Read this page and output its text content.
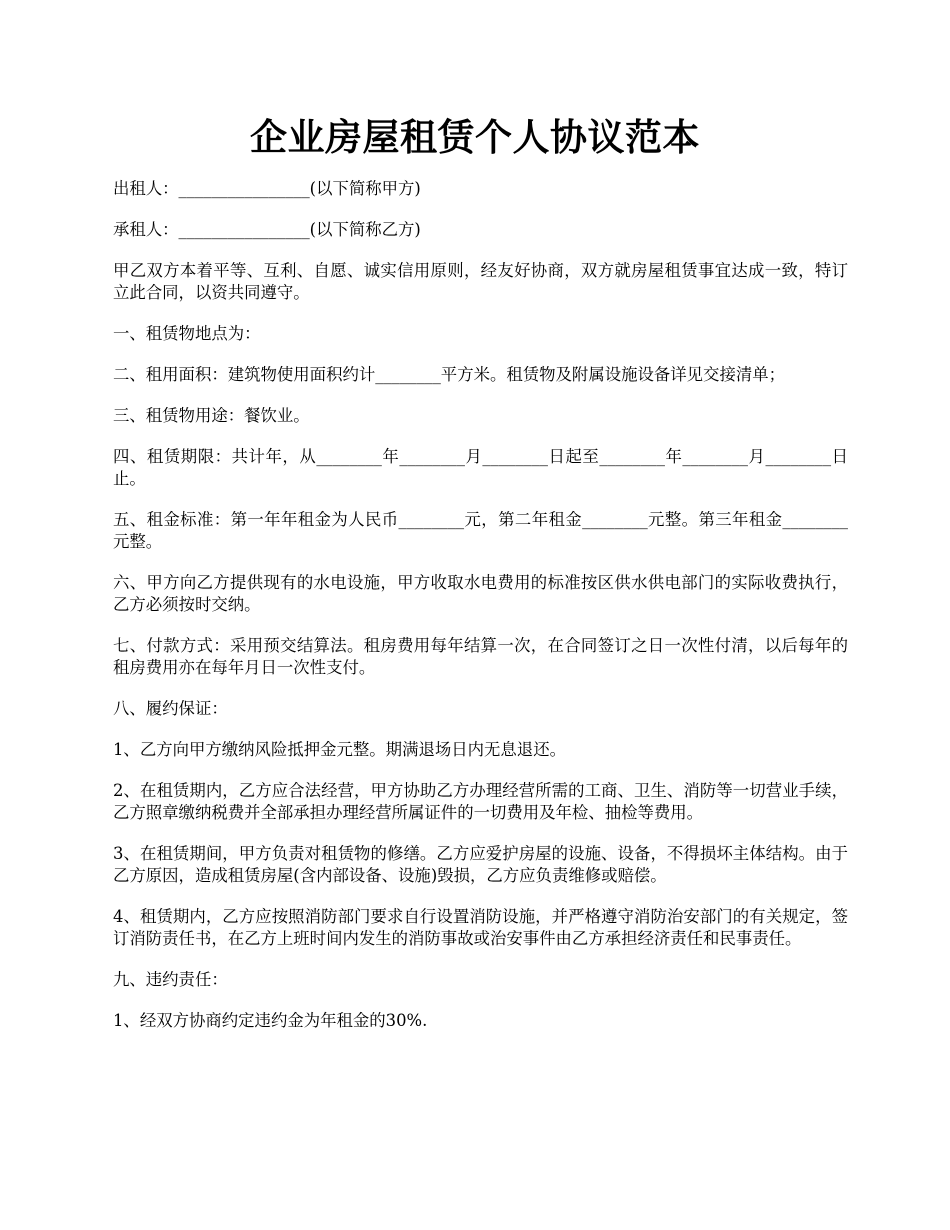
企业房屋租赁个人协议范本

出租人：________________(以下简称甲方)

承租人：________________(以下简称乙方)

甲乙双方本着平等、互利、自愿、诚实信用原则，经友好协商，双方就房屋租赁事宜达成一致，特订立此合同，以资共同遵守。

一、租赁物地点为：

二、租用面积：建筑物使用面积约计________平方米。租赁物及附属设施设备详见交接清单；

三、租赁物用途：餐饮业。

四、租赁期限：共计年，从________年________月________日起至________年________月________日止。

五、租金标准：第一年年租金为人民币________元，第二年租金________元整。第三年租金________元整。

六、甲方向乙方提供现有的水电设施，甲方收取水电费用的标准按区供水供电部门的实际收费执行，乙方必须按时交纳。

七、付款方式：采用预交结算法。租房费用每年结算一次，在合同签订之日一次性付清，以后每年的租房费用亦在每年月日一次性支付。

八、履约保证：

1、乙方向甲方缴纳风险抵押金元整。期满退场日内无息退还。

2、在租赁期内，乙方应合法经营，甲方协助乙方办理经营所需的工商、卫生、消防等一切营业手续，乙方照章缴纳税费并全部承担办理经营所属证件的一切费用及年检、抽检等费用。

3、在租赁期间，甲方负责对租赁物的修缮。乙方应爱护房屋的设施、设备，不得损坏主体结构。由于乙方原因，造成租赁房屋(含内部设备、设施)毁损，乙方应负责维修或赔偿。

4、租赁期内，乙方应按照消防部门要求自行设置消防设施，并严格遵守消防治安部门的有关规定，签订消防责任书，在乙方上班时间内发生的消防事故或治安事件由乙方承担经济责任和民事责任。

九、违约责任：

1、经双方协商约定违约金为年租金的30%.
